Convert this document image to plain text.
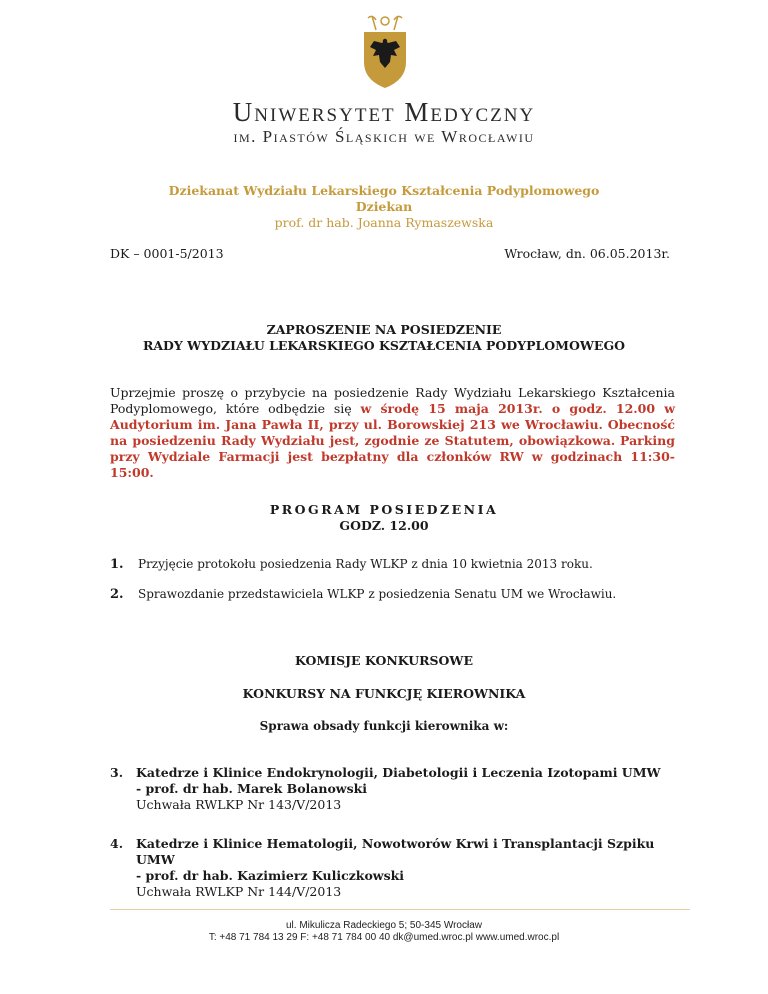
Uniwersytet Medyczny
im. Piastów Śląskich we Wrocławiu
Dziekanat Wydziału Lekarskiego Kształcenia Podyplomowego
Dziekan
prof. dr hab. Joanna Rymaszewska
DK – 0001-5/2013	Wrocław, dn. 06.05.2013r.
ZAPROSZENIE NA POSIEDZENIE
RADY WYDZIAŁU LEKARSKIEGO KSZTAŁCENIA PODYPLOMOWEGO
Uprzejmie proszę o przybycie na posiedzenie Rady Wydziału Lekarskiego Kształcenia Podyplomowego, które odbędzie się w środę 15 maja 2013r. o godz. 12.00 w Audytorium im. Jana Pawła II, przy ul. Borowskiej 213 we Wrocławiu. Obecność na posiedzeniu Rady Wydziału jest, zgodnie ze Statutem, obowiązkowa. Parking przy Wydziale Farmacji jest bezpłatny dla członków RW w godzinach 11:30-15:00.
PROGRAM POSIEDZENIA
GODZ. 12.00
1.	Przyjęcie protokołu posiedzenia Rady WLKP z dnia 10 kwietnia 2013 roku.
2.	Sprawozdanie przedstawiciela WLKP z posiedzenia Senatu UM we Wrocławiu.
KOMISJE KONKURSOWE
KONKURSY NA FUNKCJĘ KIEROWNIKA
Sprawa obsady funkcji kierownika w:
3.	Katedrze i Klinice Endokrynologii, Diabetologii i Leczenia Izotopami UMW
- prof. dr hab. Marek Bolanowski
Uchwała RWLKP Nr 143/V/2013
4.	Katedrze i Klinice Hematologii, Nowotworów Krwi i Transplantacji Szpiku UMW
- prof. dr hab. Kazimierz Kuliczkowski
Uchwała RWLKP Nr 144/V/2013
ul. Mikulicza Radeckiego 5; 50-345 Wrocław
T: +48 71 784 13 29 F: +48 71 784 00 40 dk@umed.wroc.pl www.umed.wroc.pl
